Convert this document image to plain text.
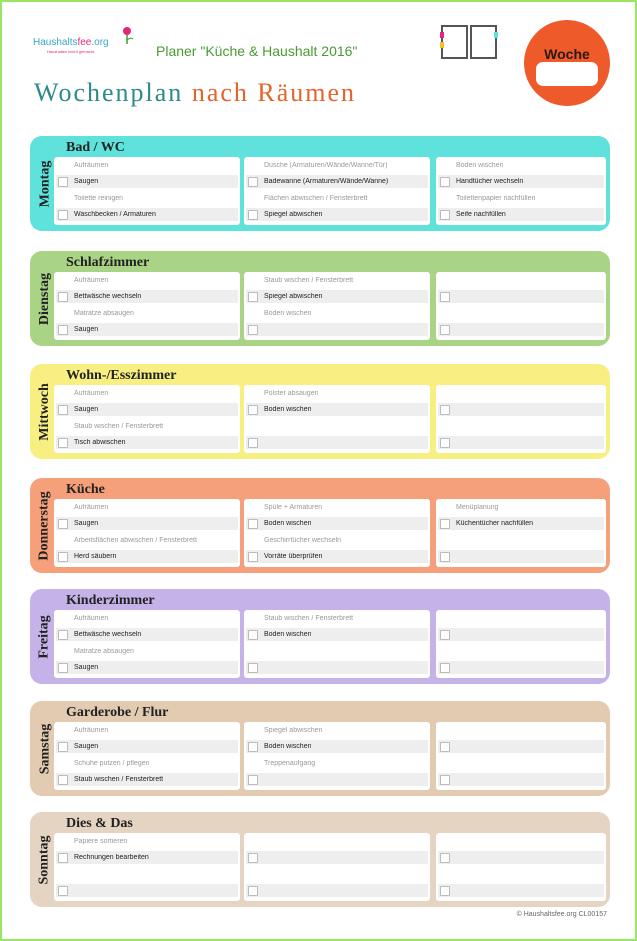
Haushaltsfee.org
Haushalten leicht gemacht	Planer "Küche & Haushalt 2016"	Woche
Wochenplan nach Räumen
Montag
Bad / WC
Aufräumen
Saugen
Toilette reinigen
Waschbecken / Armaturen
Dusche (Armaturen/Wände/Wanne/Tür)
Badewanne (Armaturen/Wände/Wanne)
Flächen abwischen / Fensterbrett
Spiegel abwischen
Boden wischen
Handtücher wechseln
Toilettenpapier nachfüllen
Seife nachfüllen
Dienstag
Schlafzimmer
Aufräumen
Bettwäsche wechseln
Matratze absaugen
Saugen
Staub wischen / Fensterbrett
Spiegel abwischen
Boden wischen
Mittwoch
Wohn-/Esszimmer
Aufräumen
Saugen
Staub wischen / Fensterbrett
Tisch abwischen
Polster absaugen
Boden wischen
Donnerstag
Küche
Aufräumen
Saugen
Arbeitsflächen abwischen / Fensterbrett
Herd säubern
Spüle + Armaturen
Boden wischen
Geschirrtücher wechseln
Vorräte überprüfen
Menüplanung
Küchentücher nachfüllen
Freitag
Kinderzimmer
Aufräumen
Bettwäsche wechseln
Matratze absaugen
Saugen
Staub wischen / Fensterbrett
Boden wischen
Samstag
Garderobe / Flur
Aufräumen
Saugen
Schuhe putzen / pflegen
Staub wischen / Fensterbrett
Spiegel abwischen
Boden wischen
Treppenaufgang
Sonntag
Dies & Das
Papiere sortieren
Rechnungen bearbeiten
© Haushaltsfee.org CL00157
